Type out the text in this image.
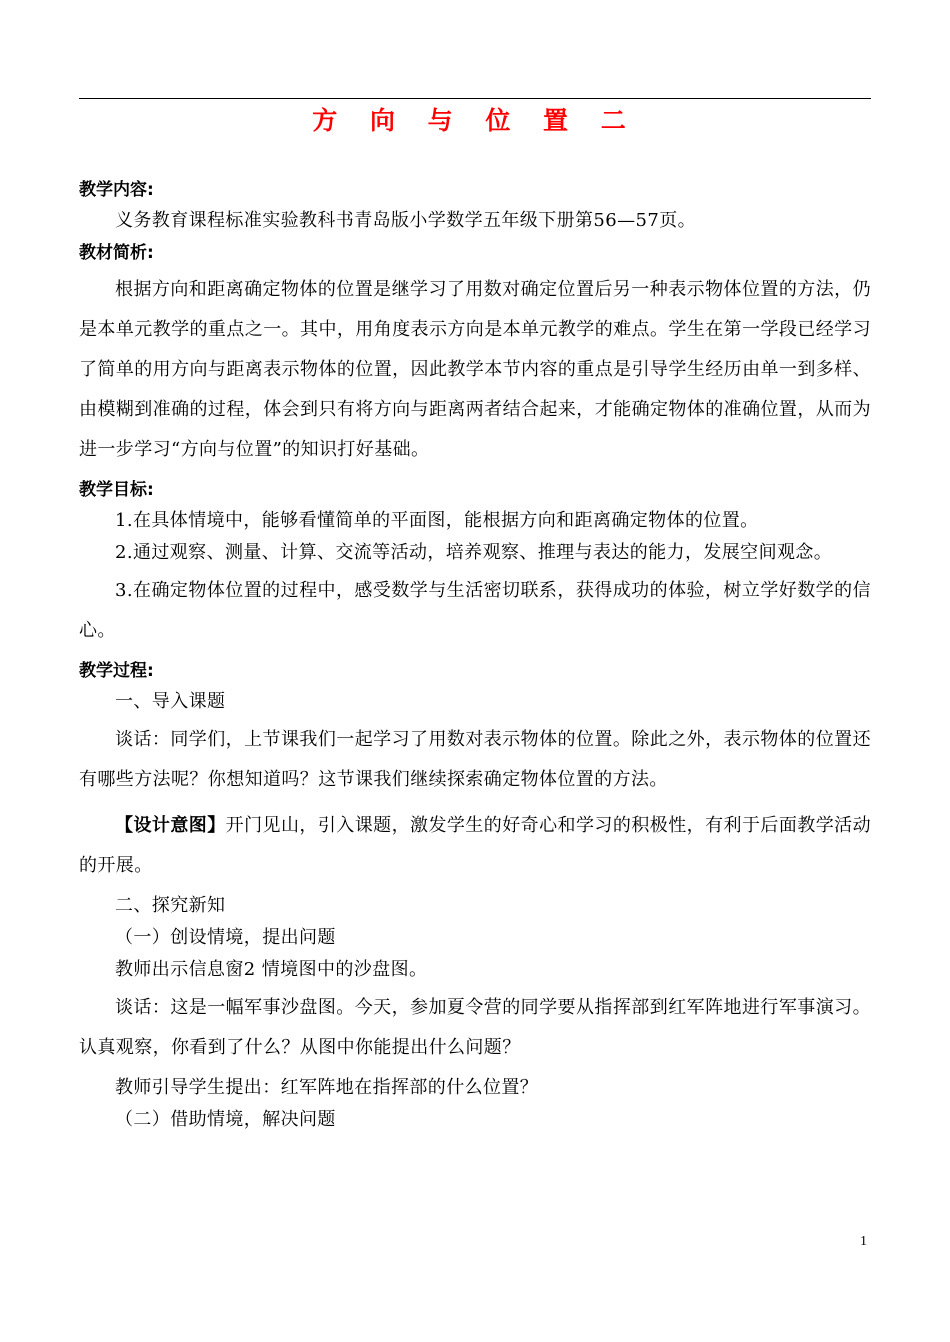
方 向 与 位 置 二

教学内容:

义务教育课程标准实验教科书青岛版小学数学五年级下册第56—57页。

教材简析:

根据方向和距离确定物体的位置是继学习了用数对确定位置后另一种表示物体位置的方法，仍是本单元教学的重点之一。其中，用角度表示方向是本单元教学的难点。学生在第一学段已经学习了简单的用方向与距离表示物体的位置，因此教学本节内容的重点是引导学生经历由单一到多样、由模糊到准确的过程，体会到只有将方向与距离两者结合起来，才能确定物体的准确位置，从而为进一步学习“方向与位置”的知识打好基础。

教学目标:

1.在具体情境中，能够看懂简单的平面图，能根据方向和距离确定物体的位置。

2.通过观察、测量、计算、交流等活动，培养观察、推理与表达的能力，发展空间观念。

3.在确定物体位置的过程中，感受数学与生活密切联系，获得成功的体验，树立学好数学的信心。

教学过程:

一、导入课题

谈话：同学们，上节课我们一起学习了用数对表示物体的位置。除此之外，表示物体的位置还有哪些方法呢？你想知道吗？这节课我们继续探索确定物体位置的方法。

【设计意图】开门见山，引入课题，激发学生的好奇心和学习的积极性，有利于后面教学活动的开展。

二、探究新知

（一）创设情境，提出问题

教师出示信息窗2 情境图中的沙盘图。

谈话：这是一幅军事沙盘图。今天，参加夏令营的同学要从指挥部到红军阵地进行军事演习。认真观察，你看到了什么？从图中你能提出什么问题？

教师引导学生提出：红军阵地在指挥部的什么位置？

（二）借助情境，解决问题

1
